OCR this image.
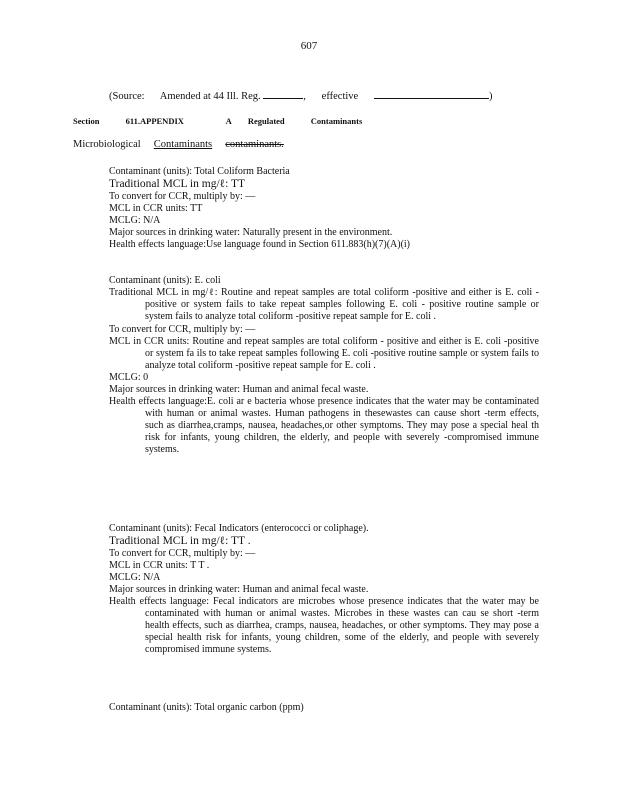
607
(Source: Amended at 44 Ill. Reg.	,      effective	)
Section	611.APPENDIX	A Regulated	Contaminants
Microbiological Contaminants contaminants.

Contaminant (units): Total Coliform Bacteria

Traditional MCL in mg/ℓ: TT

To convert for CCR, multiply by: —

MCL in CCR units: TT

MCLG: N/A

Major sources in drinking water: Naturally present in the environment.

Health effects language:Use language found in Section 611.883(h)(7)(A)(i)

Contaminant (units): E. coli

Traditional MCL in mg/ℓ: Routine and repeat samples are total coliform -positive and either is E. coli -positive or system fails to take repeat samples following E. coli - positive routine sample or system fails to analyze total coliform -positive repeat sample for E. coli .

To convert for CCR, multiply by: —

MCL in CCR units: Routine and repeat samples are total coliform - positive and either is E. coli -positive or system fa ils to take repeat samples following E. coli -positive routine sample or system fails to analyze total coliform -positive repeat sample for E. coli .

MCLG: 0

Major sources in drinking water: Human and animal fecal waste.

Health effects language:E. coli ar e bacteria whose presence indicates that the water may be contaminated with human or animal wastes. Human pathogens in thesewastes can cause short -term effects, such as diarrhea,cramps, nausea, headaches,or other symptoms. They may pose a special heal th risk for infants, young children, the elderly, and people with severely -compromised immune systems.

Contaminant (units): Fecal Indicators (enterococci or coliphage).

Traditional MCL in mg/ℓ: TT .

To convert for CCR, multiply by: —

MCL in CCR units: T T .

MCLG: N/A

Major sources in drinking water: Human and animal fecal waste.

Health effects language: Fecal indicators are microbes whose presence indicates that the water may be contaminated with human or animal wastes. Microbes in these wastes can cau se short -term health effects, such as diarrhea, cramps, nausea, headaches, or other symptoms. They may pose a special health risk for infants, young children, some of the elderly, and people with severely compromised immune systems.

Contaminant (units): Total organic carbon (ppm)
